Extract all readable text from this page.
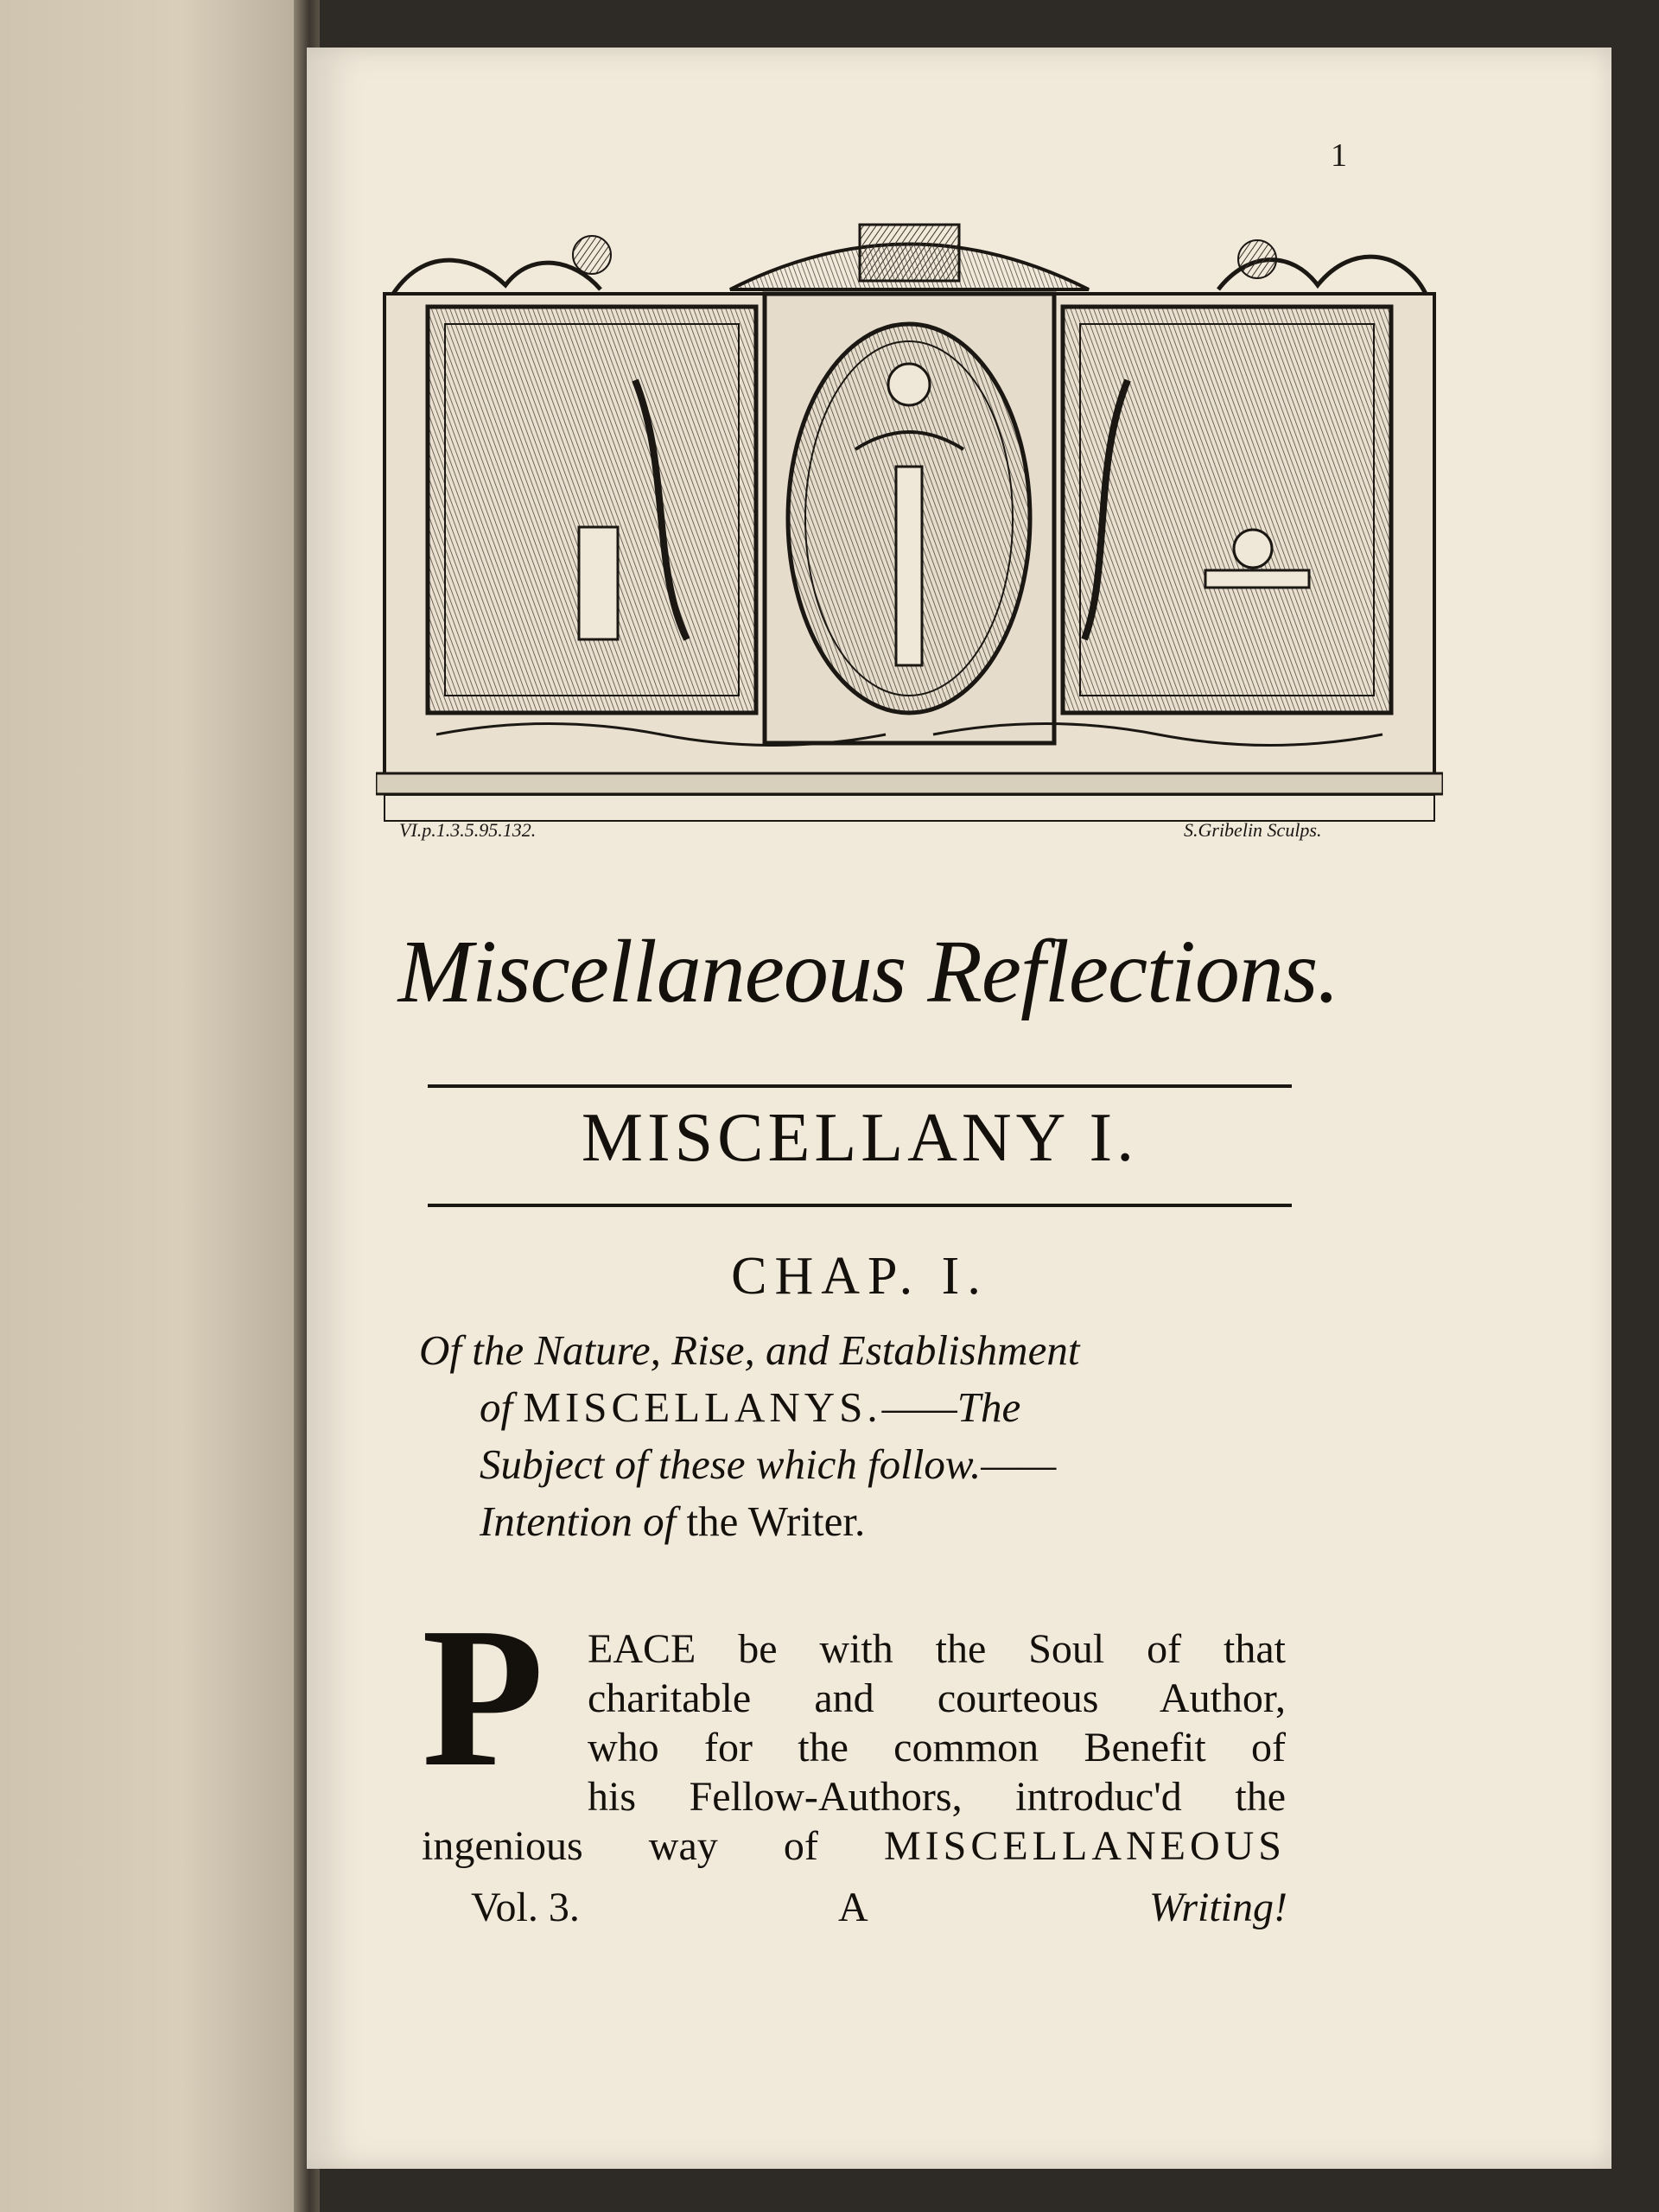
1
VI.p.1.3.5.95.132.	S.Gribelin Sculps.
Miscellaneous Reflections.
MISCELLANY I.
CHAP. I.
Of the Nature, Rise, and Establishment
of MISCELLANYS.——The
Subject of these which follow.——
Intention of the Writer.
P	EACE be with the Soul of that
charitable and courteous Author,
who for the common Benefit of
his Fellow-Authors, introduc'd the
ingenious way of MISCELLANEOUS
Vol. 3.	A	Writing!
